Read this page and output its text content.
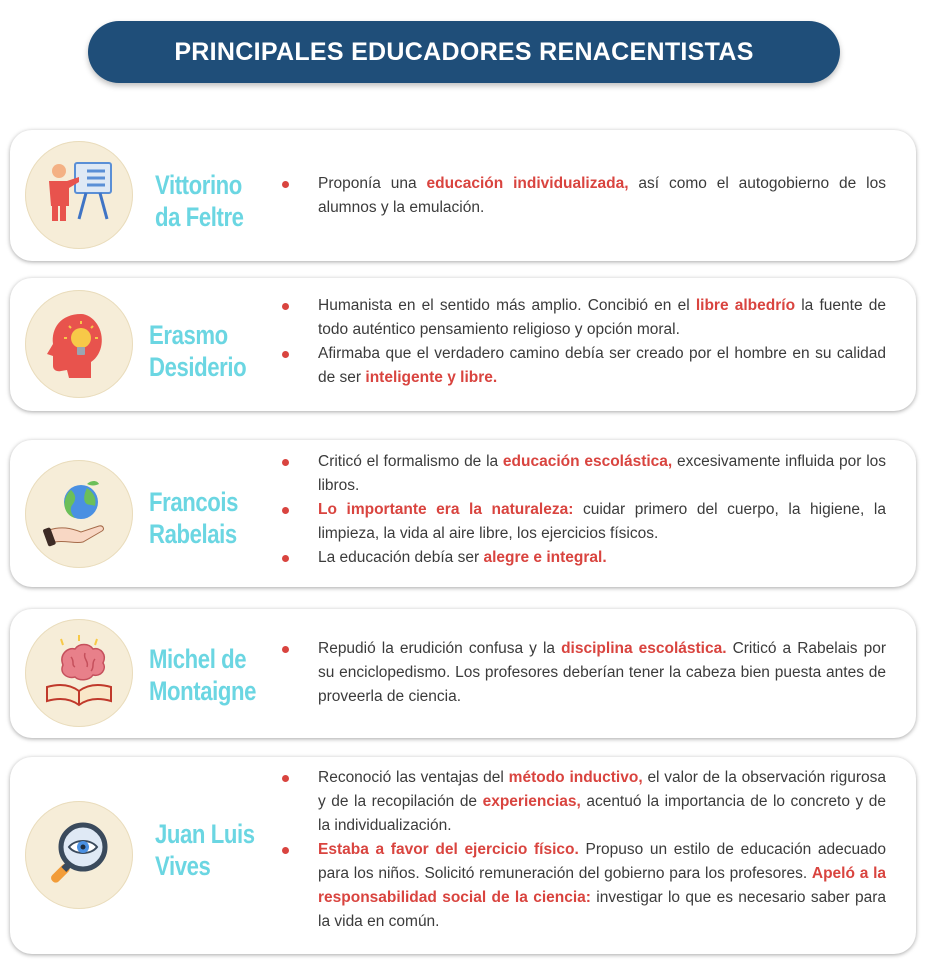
PRINCIPALES EDUCADORES RENACENTISTAS
Vittorino
da Feltre
Proponía una educación individualizada, así como el autogobierno de los alumnos y la emulación.
Erasmo
Desiderio
Humanista en el sentido más amplio. Concibió en el libre albedrío la fuente de todo auténtico pensamiento religioso y opción moral.
Afirmaba que el verdadero camino debía ser creado por el hombre en su calidad de ser inteligente y libre.
Francois
Rabelais
Criticó el formalismo de la educación escolástica, excesivamente influida por los libros.
Lo importante era la naturaleza: cuidar primero del cuerpo, la higiene, la limpieza, la vida al aire libre, los ejercicios físicos.
La educación debía ser alegre e integral.
Michel de
Montaigne
Repudió la erudición confusa y la disciplina escolástica. Criticó a Rabelais por su enciclopedismo. Los profesores deberían tener la cabeza bien puesta antes de proveerla de ciencia.
Juan Luis
Vives
Reconoció las ventajas del método inductivo, el valor de la observación rigurosa y de la recopilación de experiencias, acentuó la importancia de lo concreto y de la individualización.
Estaba a favor del ejercicio físico. Propuso un estilo de educación adecuado para los niños. Solicitó remuneración del gobierno para los profesores. Apeló a la responsabilidad social de la ciencia: investigar lo que es necesario saber para la vida en común.
